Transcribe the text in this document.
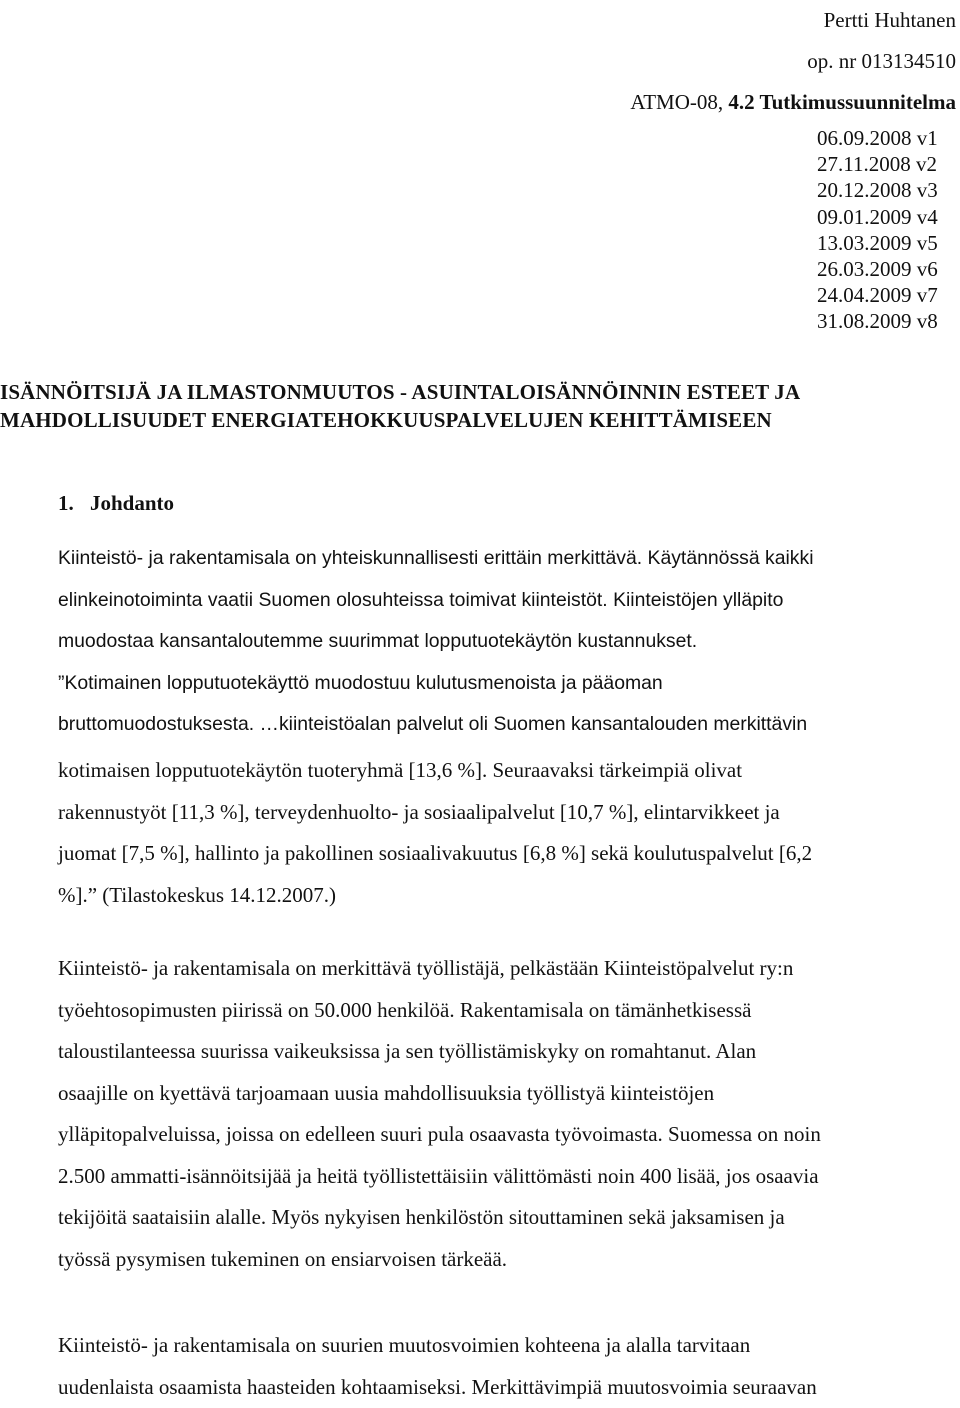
Pertti Huhtanen
op. nr 013134510
ATMO-08, 4.2 Tutkimussuunnitelma
06.09.2008 v1
27.11.2008 v2
20.12.2008 v3
09.01.2009 v4
13.03.2009 v5
26.03.2009 v6
24.04.2009 v7
31.08.2009 v8
ISÄNNÖITSIJÄ JA ILMASTONMUUTOS - ASUINTALOISÄNNÖINNIN ESTEET JA
MAHDOLLISUUDET ENERGIATEHOKKUUSPALVELUJEN KEHITTÄMISEEN
1. Johdanto
Kiinteistö- ja rakentamisala on yhteiskunnallisesti erittäin merkittävä. Käytännössä kaikki
elinkeinotoiminta vaatii Suomen olosuhteissa toimivat kiinteistöt. Kiinteistöjen ylläpito
muodostaa kansantaloutemme suurimmat lopputuotekäytön kustannukset.
”Kotimainen lopputuotekäyttö muodostuu kulutusmenoista ja pääoman
bruttomuodostuksesta. …kiinteistöalan palvelut oli Suomen kansantalouden merkittävin
kotimaisen lopputuotekäytön tuoteryhmä [13,6 %]. Seuraavaksi tärkeimpiä olivat
rakennustyöt [11,3 %], terveydenhuolto- ja sosiaalipalvelut [10,7 %], elintarvikkeet ja
juomat [7,5 %], hallinto ja pakollinen sosiaalivakuutus [6,8 %] sekä koulutuspalvelut [6,2
%].” (Tilastokeskus 14.12.2007.)
Kiinteistö- ja rakentamisala on merkittävä työllistäjä, pelkästään Kiinteistöpalvelut ry:n
työehtosopimusten piirissä on 50.000 henkilöä. Rakentamisala on tämänhetkisessä
taloustilanteessa suurissa vaikeuksissa ja sen työllistämiskyky on romahtanut. Alan
osaajille on kyettävä tarjoamaan uusia mahdollisuuksia työllistyä kiinteistöjen
ylläpitopalveluissa, joissa on edelleen suuri pula osaavasta työvoimasta. Suomessa on noin
2.500 ammatti-isännöitsijää ja heitä työllistettäisiin välittömästi noin 400 lisää, jos osaavia
tekijöitä saataisiin alalle. Myös nykyisen henkilöstön sitouttaminen sekä jaksamisen ja
työssä pysymisen tukeminen on ensiarvoisen tärkeää.
Kiinteistö- ja rakentamisala on suurien muutosvoimien kohteena ja alalla tarvitaan
uudenlaista osaamista haasteiden kohtaamiseksi. Merkittävimpiä muutosvoimia seuraavan
